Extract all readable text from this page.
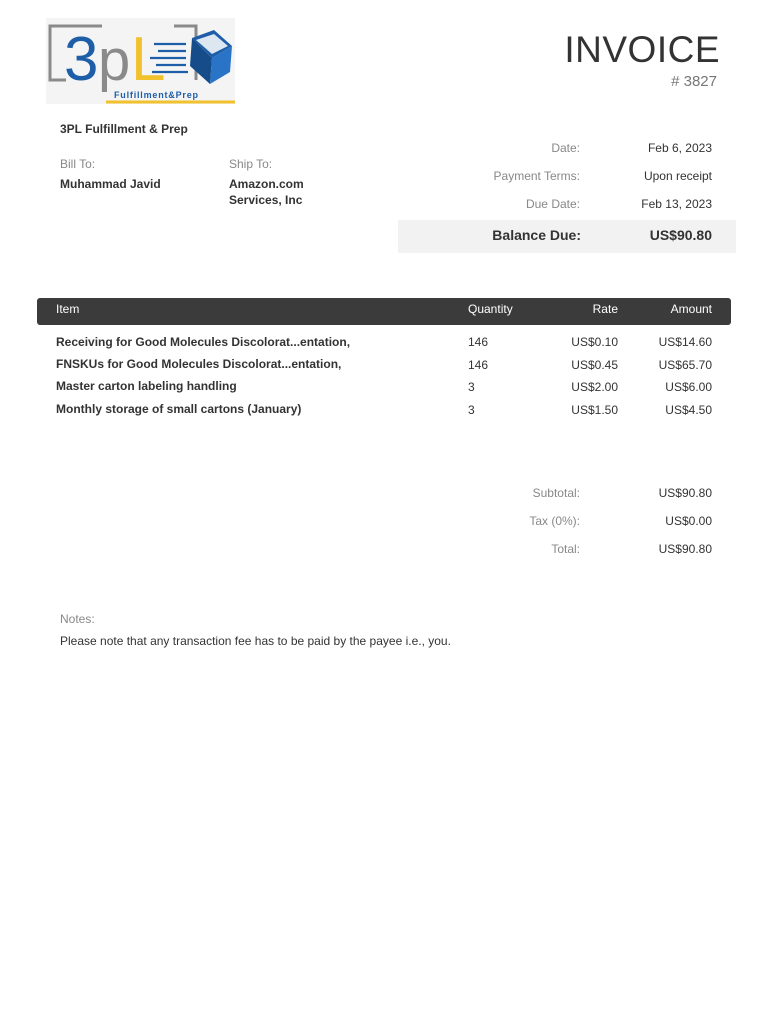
3 p L
Fulfillment&Prep
INVOICE
# 3827
3PL Fulfillment & Prep
Bill To:
Muhammad Javid
Ship To:
Amazon.com
Services, Inc
Date:	Feb 6, 2023
Payment Terms:	Upon receipt
Due Date:	Feb 13, 2023
Balance Due:	US$90.80
Item	Quantity	Rate	Amount
Receiving for Good Molecules Discolorat...entation,	146	US$0.10	US$14.60
FNSKUs for Good Molecules Discolorat...entation,	146	US$0.45	US$65.70
Master carton labeling handling	3	US$2.00	US$6.00
Monthly storage of small cartons (January)	3	US$1.50	US$4.50
Subtotal:	US$90.80
Tax (0%):	US$0.00
Total:	US$90.80
Notes:
Please note that any transaction fee has to be paid by the payee i.e., you.
